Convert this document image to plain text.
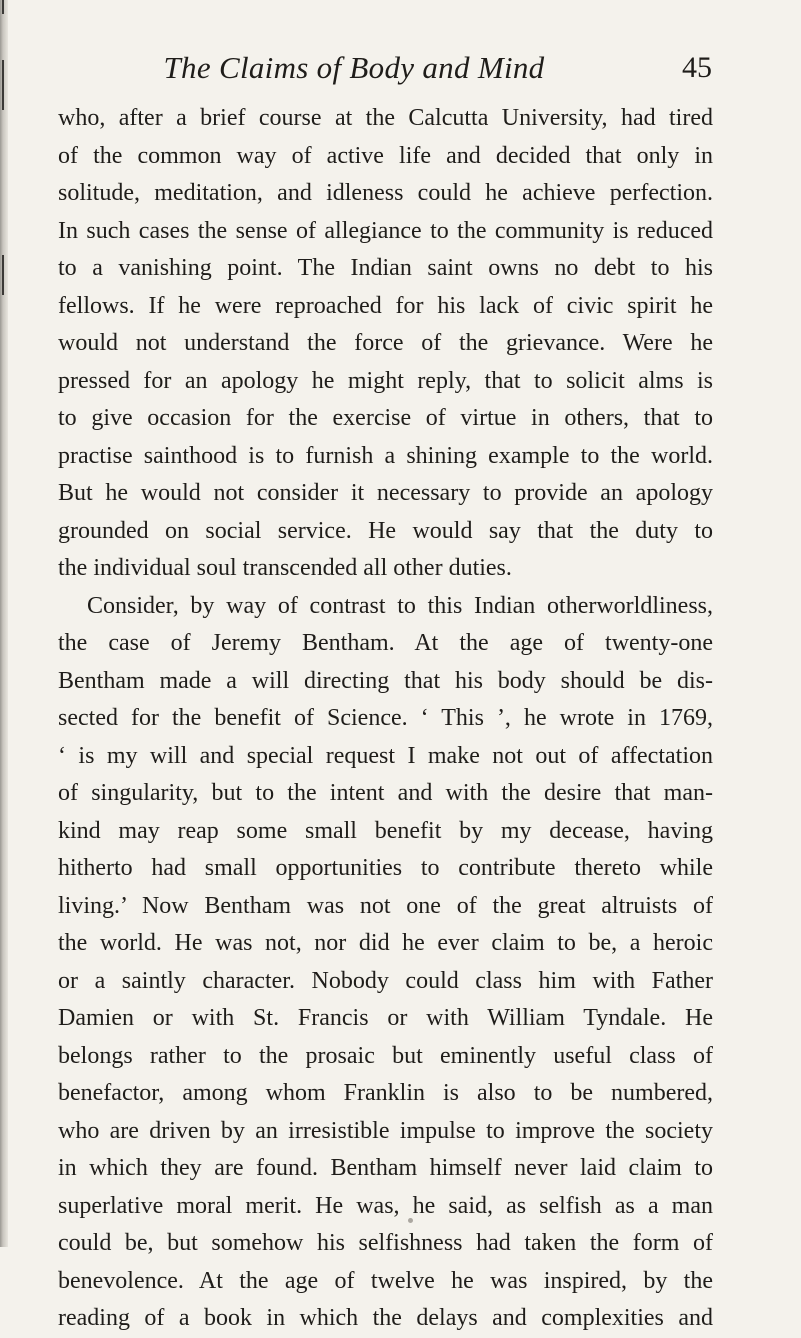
The Claims of Body and Mind	45
who, after a brief course at the Calcutta University, had tired
of the common way of active life and decided that only in
solitude, meditation, and idleness could he achieve perfection.
In such cases the sense of allegiance to the community is reduced
to a vanishing point. The Indian saint owns no debt to his
fellows. If he were reproached for his lack of civic spirit he
would not understand the force of the grievance. Were he
pressed for an apology he might reply, that to solicit alms is
to give occasion for the exercise of virtue in others, that to
practise sainthood is to furnish a shining example to the world.
But he would not consider it necessary to provide an apology
grounded on social service. He would say that the duty to
the individual soul transcended all other duties.
Consider, by way of contrast to this Indian otherworldliness,
the case of Jeremy Bentham. At the age of twenty-one
Bentham made a will directing that his body should be dis-
sected for the benefit of Science. ‘ This ’, he wrote in 1769,
‘ is my will and special request I make not out of affectation
of singularity, but to the intent and with the desire that man-
kind may reap some small benefit by my decease, having
hitherto had small opportunities to contribute thereto while
living.’ Now Bentham was not one of the great altruists of
the world. He was not, nor did he ever claim to be, a heroic
or a saintly character. Nobody could class him with Father
Damien or with St. Francis or with William Tyndale. He
belongs rather to the prosaic but eminently useful class of
benefactor, among whom Franklin is also to be numbered,
who are driven by an irresistible impulse to improve the society
in which they are found. Bentham himself never laid claim to
superlative moral merit. He was, he said, as selfish as a man
could be, but somehow his selfishness had taken the form of
benevolence. At the age of twelve he was inspired, by the
reading of a book in which the delays and complexities and
